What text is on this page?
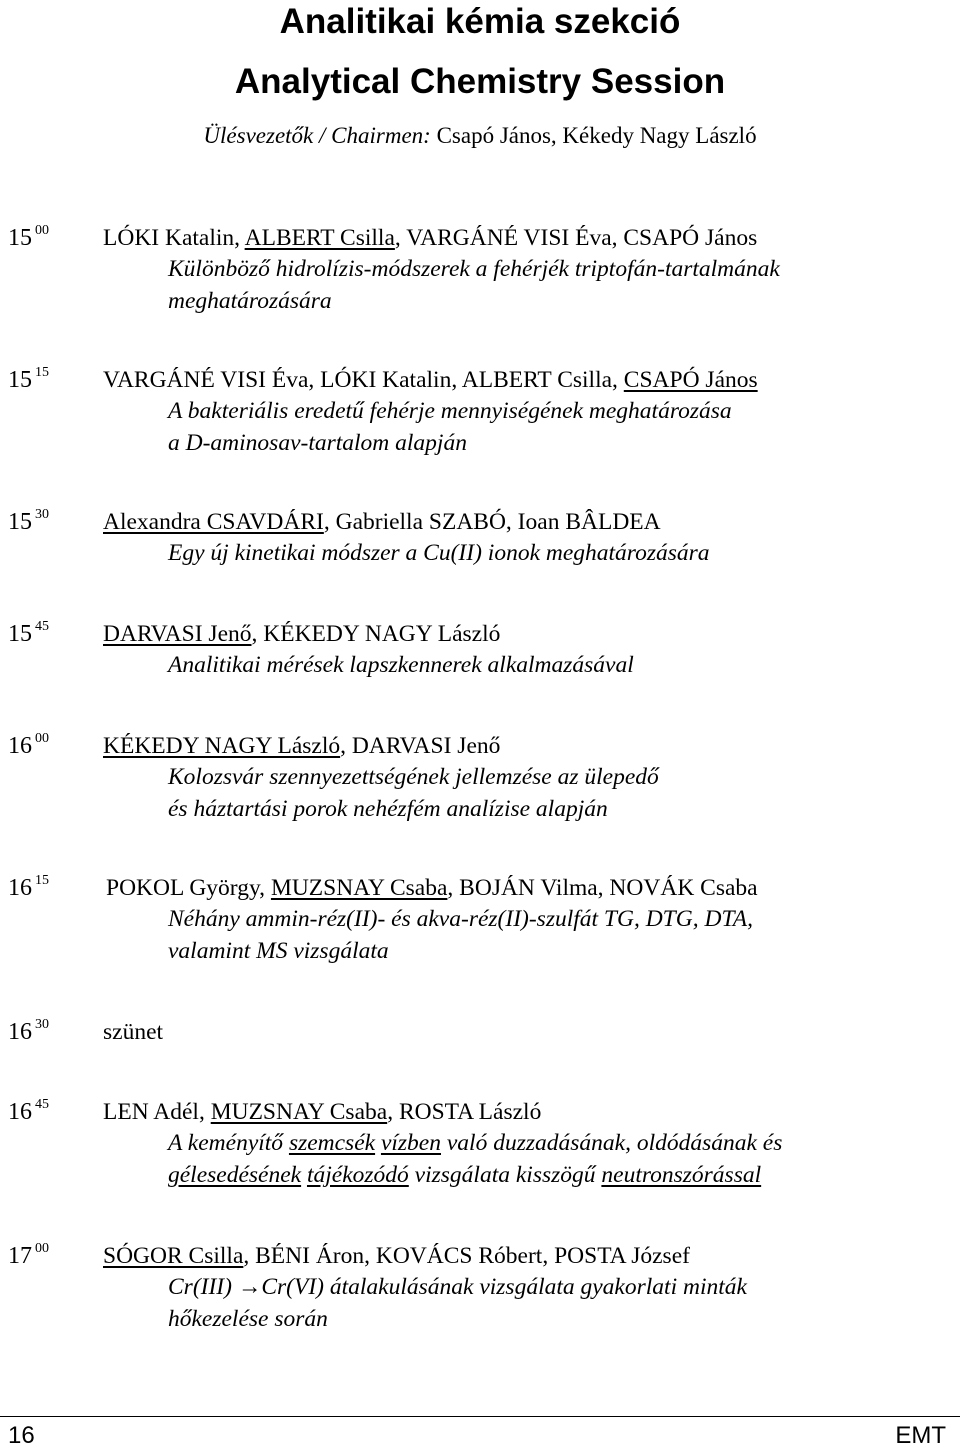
Analitikai kémia szekció
Analytical Chemistry Session
Ülésvezetők / Chairmen: Csapó János, Kékedy Nagy László
15 $^{00}$ LÓKI Katalin, ALBERT Csilla, VARGÁNÉ VISI Éva, CSAPÓ János
Különböző hidrolízis-módszerek a fehérjék triptofán-tartalmának
meghatározására
15 $^{15}$ VARGÁNÉ VISI Éva, LÓKI Katalin, ALBERT Csilla, CSAPÓ János
A bakteriális eredetű fehérje mennyiségének meghatározása
a D-aminosav-tartalom alapján
15 $^{30}$ Alexandra CSAVDÁRI, Gabriella SZABÓ, Ioan BÂLDEA
Egy új kinetikai módszer a Cu(II) ionok meghatározására
15 $^{45}$ DARVASI Jenő, KÉKEDY NAGY László
Analitikai mérések lapszkennerek alkalmazásával
16 $^{00}$ KÉKEDY NAGY László, DARVASI Jenő
Kolozsvár szennyezettségének jellemzése az ülepedő
és háztartási porok nehézfém analízise alapján
16 $^{15}$ POKOL György, MUZSNAY Csaba, BOJÁN Vilma, NOVÁK Csaba
Néhány ammin-réz(II)- és akva-réz(II)-szulfát TG, DTG, DTA,
valamint MS vizsgálata
16 $^{30}$ szünet
16 $^{45}$ LEN Adél, MUZSNAY Csaba, ROSTA László
A keményítő szemcsék vízben való duzzadásának, oldódásának és
gélesedésének tájékozódó vizsgálata kisszögű neutronszórással
17 $^{00}$ SÓGOR Csilla, BÉNI Áron, KOVÁCS Róbert, POSTA József
Cr(III) →Cr(VI) átalakulásának vizsgálata gyakorlati minták
hőkezelése során
16	EMT
